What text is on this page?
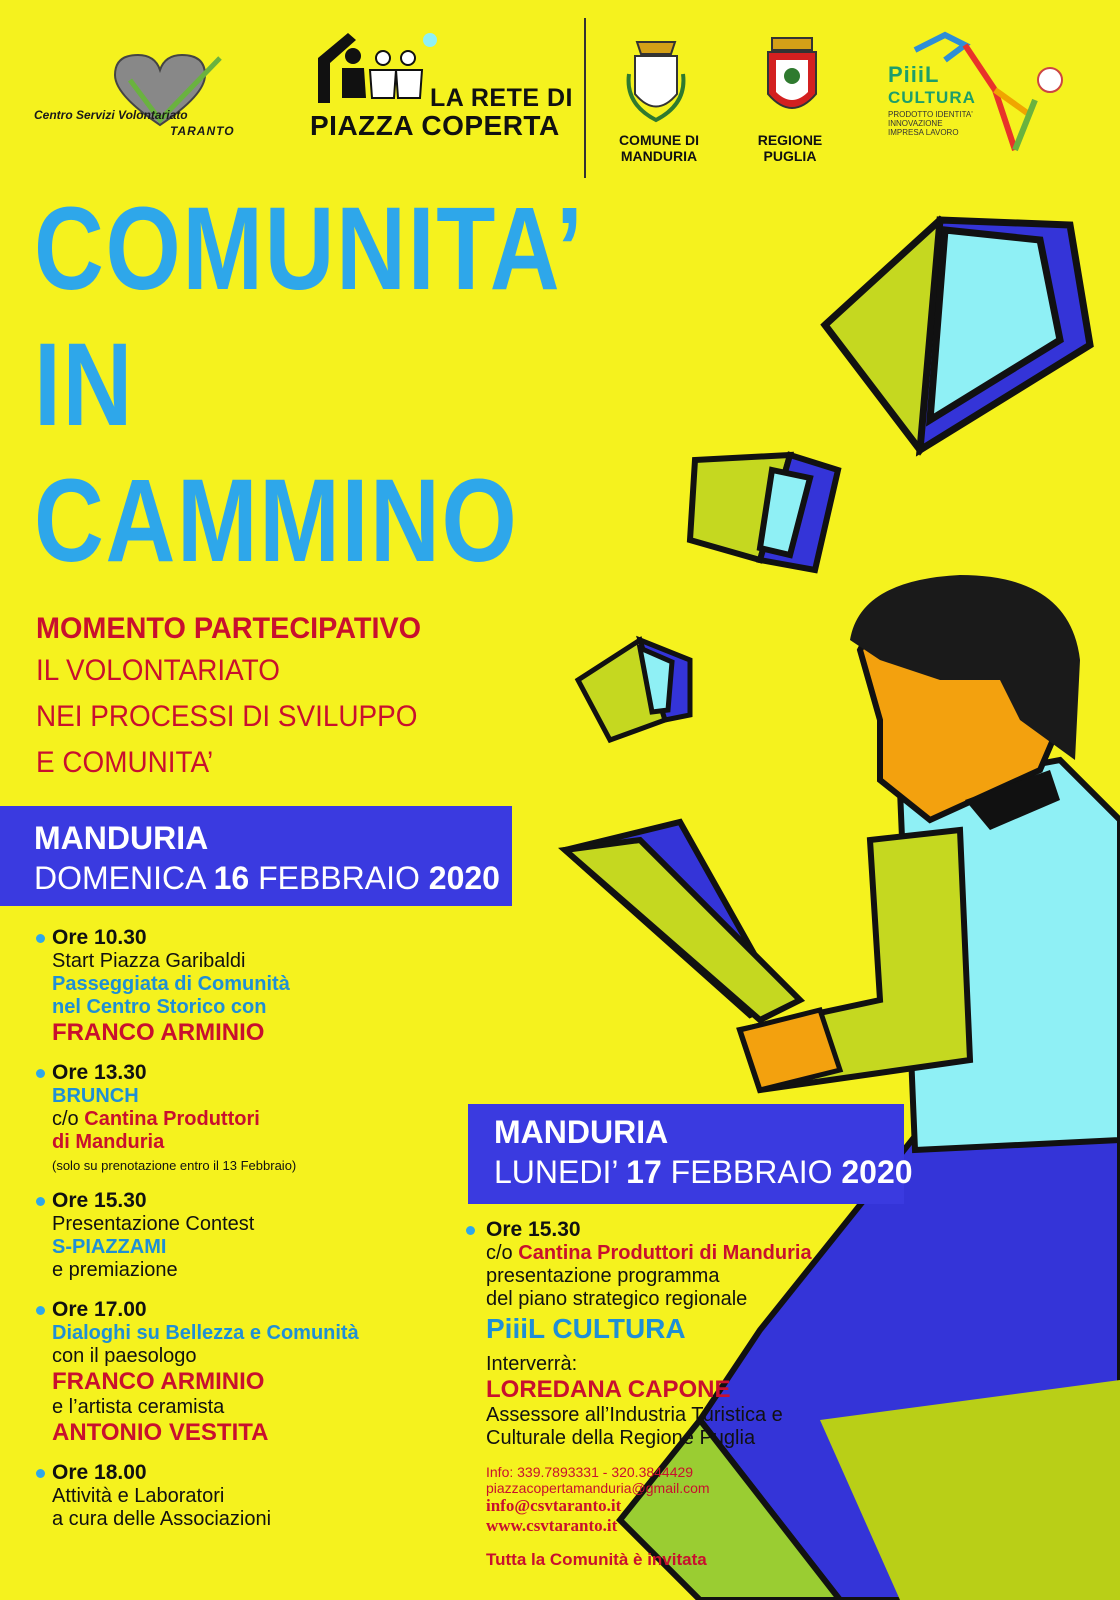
Centro Servizi Volontariato
TARANTO
LA RETE DI
PIAZZA COPERTA	COMUNE DI
MANDURIA
REGIONE
PUGLIA
PiiiL
CULTURA
PRODOTTO IDENTITA' INNOVAZIONE IMPRESA LAVORO
COMUNITA’
IN
CAMMINO
MOMENTO PARTECIPATIVO
IL VOLONTARIATO
NEI PROCESSI DI SVILUPPO
E COMUNITA’
MANDURIA
DOMENICA 16 FEBBRAIO 2020
Ore 10.30
Start Piazza Garibaldi
Passeggiata di Comunità
nel Centro Storico con
FRANCO ARMINIO
Ore 13.30
BRUNCH
c/o Cantina Produttori
di Manduria
(solo su prenotazione entro il 13 Febbraio)
Ore 15.30
Presentazione Contest
S-PIAZZAMI
e premiazione
Ore 17.00
Dialoghi su Bellezza e Comunità
con il paesologo
FRANCO ARMINIO
e l’artista ceramista
ANTONIO VESTITA
Ore 18.00
Attività e Laboratori
a cura delle Associazioni
MANDURIA
LUNEDI’ 17 FEBBRAIO 2020
Ore 15.30
c/o Cantina Produttori di Manduria
presentazione programma
del piano strategico regionale
PiiiL CULTURA
Interverrà:
LOREDANA CAPONE
Assessore all’Industria Turistica e
Culturale della Regione Puglia
Info: 339.7893331 - 320.3844429
piazzacopertamanduria@gmail.com
info@csvtaranto.it
www.csvtaranto.it
Tutta la Comunità è invitata
